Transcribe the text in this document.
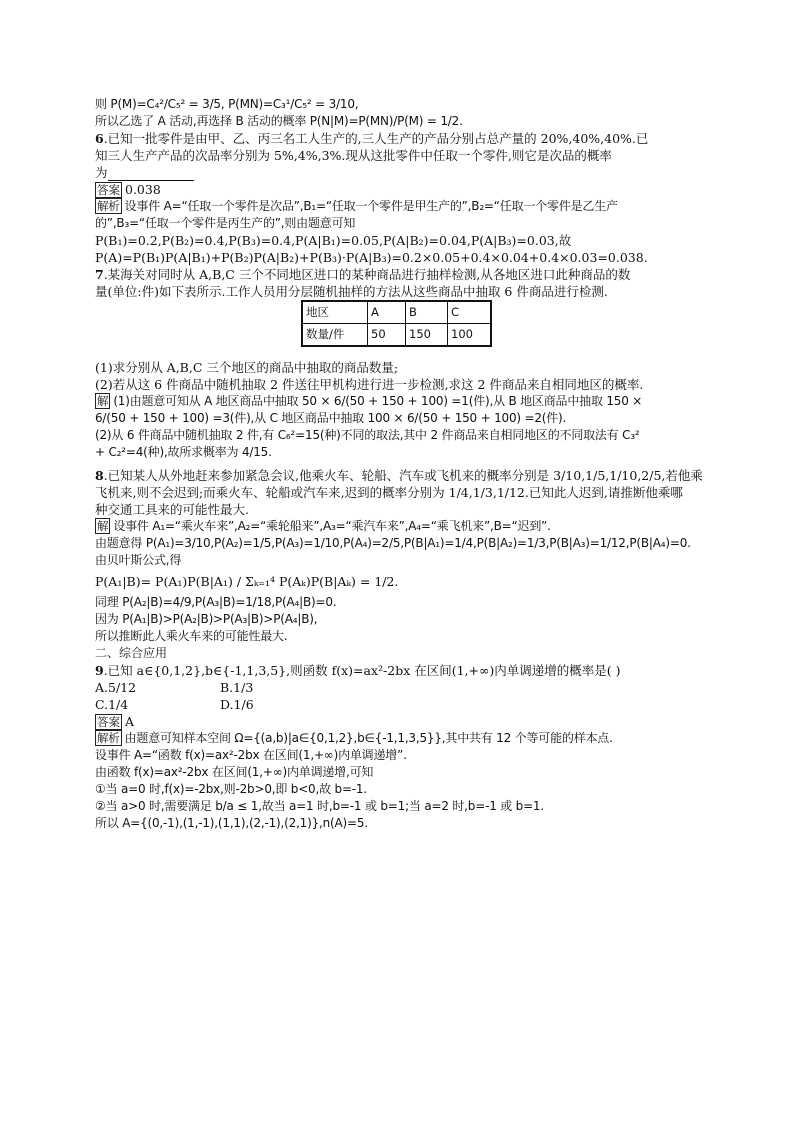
则 P(M)=C₄²/C₅² = 3/5, P(MN)=C₃¹/C₅² = 3/10,
所以乙选了 A 活动,再选择 B 活动的概率 P(N|M)=P(MN)/P(M) = 1/2.
6.已知一批零件是由甲、乙、丙三名工人生产的,三人生产的产品分别占总产量的 20%,40%,40%.已
知三人生产产品的次品率分别为 5%,4%,3%.现从这批零件中任取一个零件,则它是次品的概率
为
答案 0.038
解析 设事件 A=“任取一个零件是次品”,B₁=“任取一个零件是甲生产的”,B₂=“任取一个零件是乙生产
的”,B₃=“任取一个零件是丙生产的”,则由题意可知
P(B₁)=0.2,P(B₂)=0.4,P(B₃)=0.4,P(A|B₁)=0.05,P(A|B₂)=0.04,P(A|B₃)=0.03,故
P(A)=P(B₁)P(A|B₁)+P(B₂)P(A|B₂)+P(B₃)·P(A|B₃)=0.2×0.05+0.4×0.04+0.4×0.03=0.038.
7.某海关对同时从 A,B,C 三个不同地区进口的某种商品进行抽样检测,从各地区进口此种商品的数
量(单位:件)如下表所示.工作人员用分层随机抽样的方法从这些商品中抽取 6 件商品进行检测.
地区	A	B	C
数量/件	50	150	100
(1)求分别从 A,B,C 三个地区的商品中抽取的商品数量;
(2)若从这 6 件商品中随机抽取 2 件送往甲机构进行进一步检测,求这 2 件商品来自相同地区的概率.
解 (1)由题意可知从 A 地区商品中抽取 50 × 6/(50 + 150 + 100) =1(件),从 B 地区商品中抽取 150 ×
6/(50 + 150 + 100) =3(件),从 C 地区商品中抽取 100 × 6/(50 + 150 + 100) =2(件).
(2)从 6 件商品中随机抽取 2 件,有 C₆²=15(种)不同的取法,其中 2 件商品来自相同地区的不同取法有 C₃²
+ C₂²=4(种),故所求概率为 4/15.
8.已知某人从外地赶来参加紧急会议,他乘火车、轮船、汽车或飞机来的概率分别是 3/10,1/5,1/10,2/5,若他乘
飞机来,则不会迟到;而乘火车、轮船或汽车来,迟到的概率分别为 1/4,1/3,1/12.已知此人迟到,请推断他乘哪
种交通工具来的可能性最大.
解 设事件 A₁=“乘火车来”,A₂=“乘轮船来”,A₃=“乘汽车来”,A₄=“乘飞机来”,B=“迟到”.
由题意得 P(A₁)=3/10,P(A₂)=1/5,P(A₃)=1/10,P(A₄)=2/5,P(B|A₁)=1/4,P(B|A₂)=1/3,P(B|A₃)=1/12,P(B|A₄)=0.
由贝叶斯公式,得
P(A₁|B)= P(A₁)P(B|A₁) / Σₖ₌₁⁴ P(Aₖ)P(B|Aₖ) = 1/2.
同理 P(A₂|B)=4/9,P(A₃|B)=1/18,P(A₄|B)=0.
因为 P(A₁|B)>P(A₂|B)>P(A₃|B)>P(A₄|B),
所以推断此人乘火车来的可能性最大.
二、综合应用
9.已知 a∈{0,1,2},b∈{-1,1,3,5},则函数 f(x)=ax²-2bx 在区间(1,+∞)内单调递增的概率是( )
A.5/12	B.1/3
C.1/4	D.1/6
答案 A
解析 由题意可知样本空间 Ω={(a,b)|a∈{0,1,2},b∈{-1,1,3,5}},其中共有 12 个等可能的样本点.
设事件 A=“函数 f(x)=ax²-2bx 在区间(1,+∞)内单调递增”.
由函数 f(x)=ax²-2bx 在区间(1,+∞)内单调递增,可知
①当 a=0 时,f(x)=-2bx,则-2b>0,即 b<0,故 b=-1.
②当 a>0 时,需要满足 b/a ≤ 1,故当 a=1 时,b=-1 或 b=1;当 a=2 时,b=-1 或 b=1.
所以 A={(0,-1),(1,-1),(1,1),(2,-1),(2,1)},n(A)=5.
